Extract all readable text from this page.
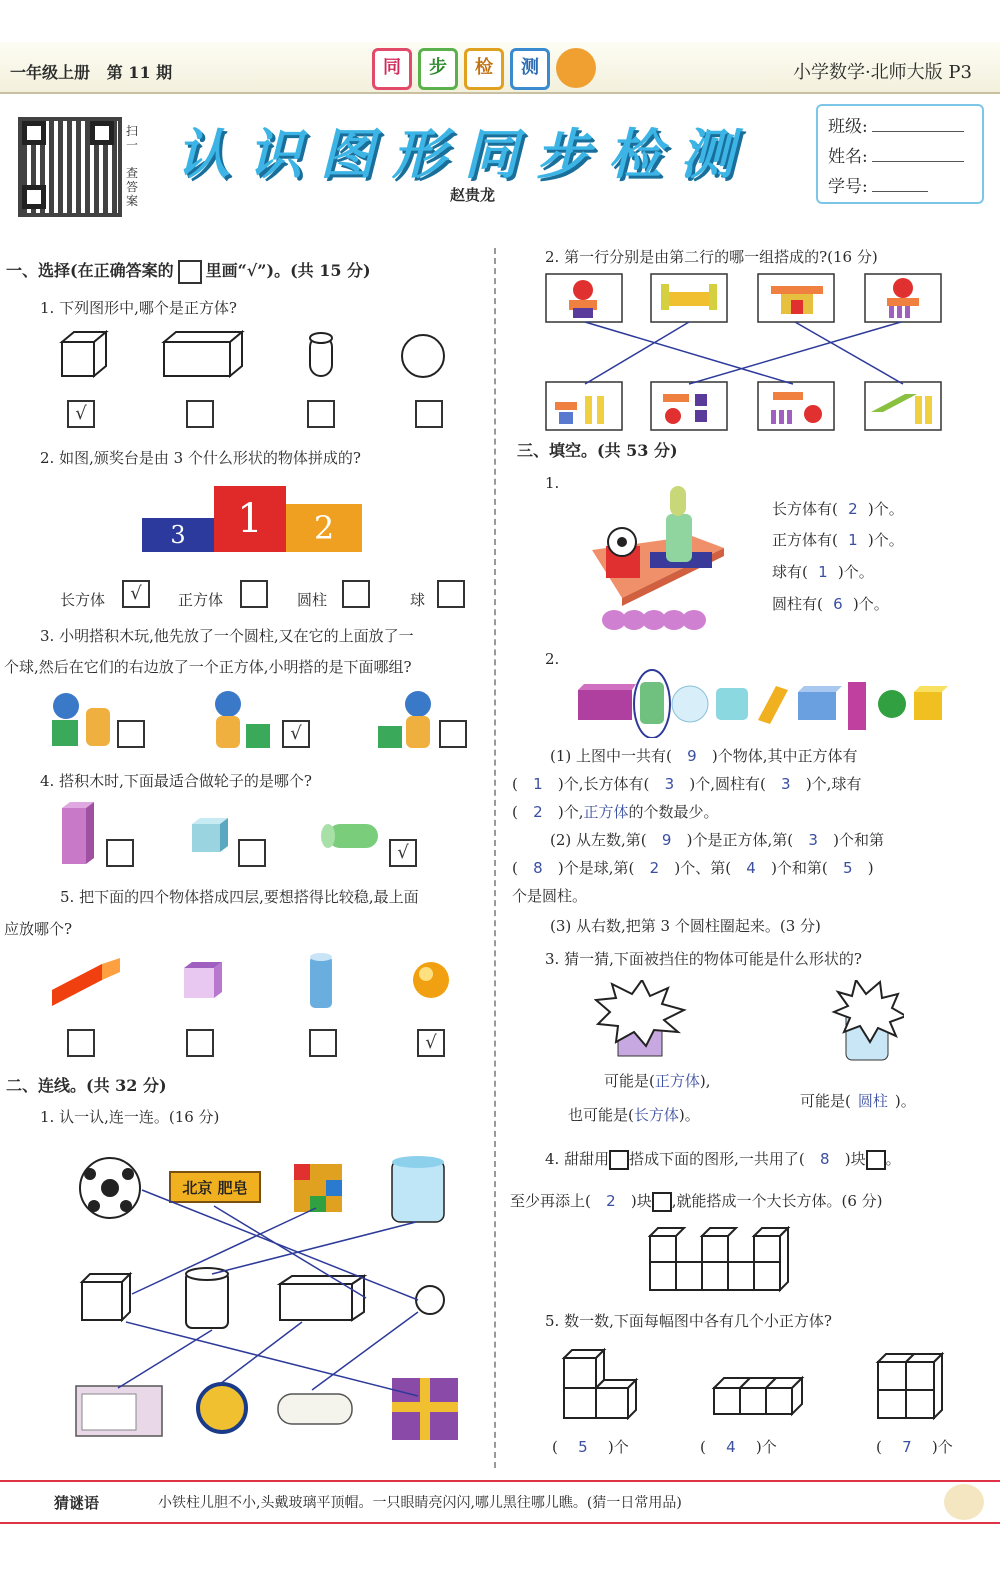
一年级上册 第 11 期	同	步	检	测	小学数学·北师大版 P3
扫
一
查
答
案
认识图形同步检测
赵贵龙
班级:
姓名:
学号:
一、选择(在正确答案的 里画“√”)。(共 15 分)
1. 下列图形中,哪个是正方体?
√
2. 如图,颁奖台是由 3 个什么形状的物体拼成的?
3	1	2
长方体	√	正方体	圆柱	球
3. 小明搭积木玩,他先放了一个圆柱,又在它的上面放了一
个球,然后在它们的右边放了一个正方体,小明搭的是下面哪组?
√
4. 搭积木时,下面最适合做轮子的是哪个?
√
5. 把下面的四个物体搭成四层,要想搭得比较稳,最上面
应放哪个?
√
二、连线。(共 32 分)
1. 认一认,连一连。(16 分)
北京 肥皂
2. 第一行分别是由第二行的哪一组搭成的?(16 分)
三、填空。(共 53 分)
1.
长方体有( 2 )个。
正方体有( 1 )个。
球有( 1 )个。
圆柱有( 6 )个。
2.
(1) 上图中一共有( 9 )个物体,其中正方体有
( 1 )个,长方体有( 3 )个,圆柱有( 3 )个,球有
( 2 )个,正方体的个数最少。
(2) 从左数,第( 9 )个是正方体,第( 3 )个和第
( 8 )个是球,第( 2 )个、第( 4 )个和第( 5 )
个是圆柱。
(3) 从右数,把第 3 个圆柱圈起来。(3 分)
3. 猜一猜,下面被挡住的物体可能是什么形状的?
可能是(正方体),
也可能是(长方体)。
可能是( 圆柱 )。
4. 甜甜用 搭成下面的图形,一共用了( 8 )块 。
至少再添上( 2 )块 ,就能搭成一个大长方体。(6 分)
5. 数一数,下面每幅图中各有几个小正方体?
( 5 )个	( 4 )个	( 7 )个
猜谜语	小铁柱儿胆不小,头戴玻璃平顶帽。一只眼睛亮闪闪,哪儿黑往哪儿瞧。(猜一日常用品)
